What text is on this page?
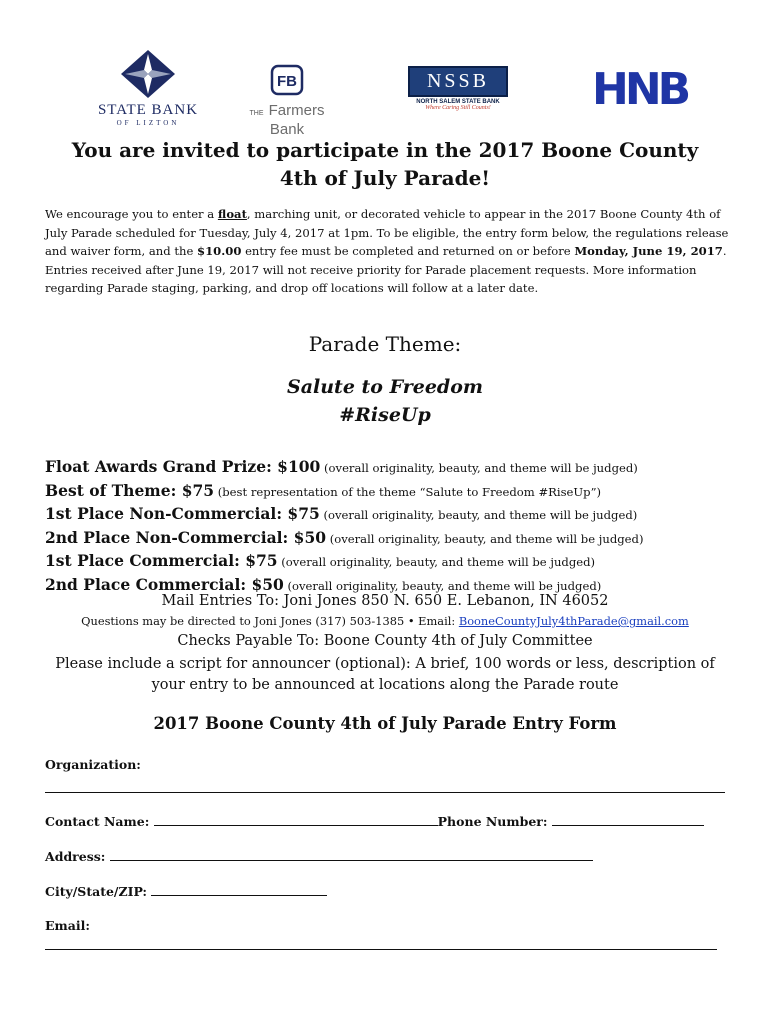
STATE BANK
OF LIZTON
FB
THE Farmers Bank
NSSB
NORTH SALEM STATE BANK
Where Caring Still Counts!	HNB
You are invited to participate in the 2017 Boone County
4th of July Parade!
We encourage you to enter a float, marching unit, or decorated vehicle to appear in the 2017 Boone County 4th of July Parade scheduled for Tuesday, July 4, 2017 at 1pm. To be eligible, the entry form below, the regulations release and waiver form, and the $10.00 entry fee must be completed and returned on or before Monday, June 19, 2017. Entries received after June 19, 2017 will not receive priority for Parade placement requests. More information regarding Parade staging, parking, and drop off locations will follow at a later date.
Parade Theme:
Salute to Freedom
#RiseUp
Float Awards Grand Prize: $100 (overall originality, beauty, and theme will be judged)
Best of Theme: $75 (best representation of the theme “Salute to Freedom #RiseUp”)
1st Place Non-Commercial: $75 (overall originality, beauty, and theme will be judged)
2nd Place Non-Commercial: $50 (overall originality, beauty, and theme will be judged)
1st Place Commercial: $75 (overall originality, beauty, and theme will be judged)
2nd Place Commercial: $50 (overall originality, beauty, and theme will be judged)
Mail Entries To: Joni Jones 850 N. 650 E. Lebanon, IN 46052
Questions may be directed to Joni Jones (317) 503-1385 • Email: BooneCountyJuly4thParade@gmail.com
Checks Payable To: Boone County 4th of July Committee
Please include a script for announcer (optional): A brief, 100 words or less, description of your entry to be announced at locations along the Parade route
2017 Boone County 4th of July Parade Entry Form
Organization:
Contact Name:	Phone Number:
Address:
City/State/ZIP:
Email:
